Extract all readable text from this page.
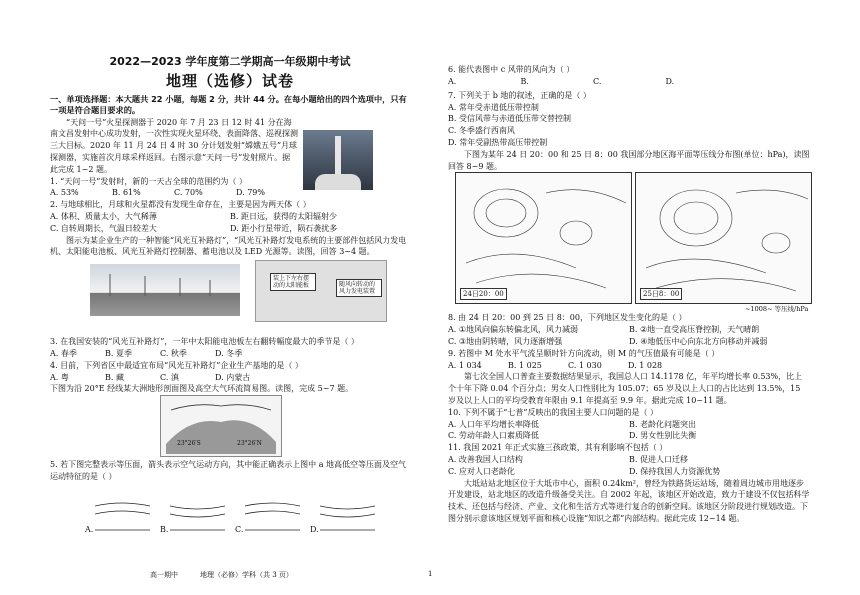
2022—2023 学年度第二学期高一年级期中考试

地理（选修）试卷

一、单项选择题：本大题共 22 小题，每题 2 分，共计 44 分。在每小题给出的四个选项中，只有一项是符合题目要求的。

“天问一号”火星探测器于 2020 年 7 月 23 日 12 时 41 分在海南文昌发射中心成功发射，一次性实现火星环绕、表面降落、巡视探测三大目标。2020 年 11 月 24 日 4 时 30 分计划发射“嫦娥五号”月球探测器，实施首次月球采样返回。右图示意“天问一号”发射照片。据此完成 1~2 题。

1. “天问一号”发射时，新的一天占全球的范围约为（ ）

A. 53%	B. 61%	C. 70%	D. 79%

2. 与地球相比，月球和火星都没有发现生命存在，主要是因为两天体（ ）

A. 体积、质量太小，大气稀薄	B. 距日远，获得的太阳辐射少
C. 自转周期长，气温日较差大	D. 距小行星带近，陨石袭扰多

图示为某企业生产的一种智能“风光互补路灯”，“风光互补路灯发电系统的主要部件包括风力发电机、太阳能电池板、风光互补路灯控制器、蓄电池以及 LED 光源等。读图，回答 3~4 题。

3. 在我国安装的“风光互补路灯”，一年中太阳能电池板左右翻转幅度最大的季节是（ ）

A. 春季	B. 夏季	C. 秋季	D. 冬季

4. 目前，下列省区中最适宜布局“风光互补路灯”企业生产基地的是（ ）

A. 粤	B. 藏	C. 滇	D. 内蒙古

下图为沿 20°E 经线某大洲地形剖面图及高空大气环流简易图。读图，完成 5~7 题。

5. 若下图完整表示等压面，箭头表示空气运动方向，其中能正确表示上图中 a 地高低空等压面及空气运动特征的是（ ）

装上下左右摆动的太阳能板	随风向转动的风力发电装置
23°26′S	23°26′N
A.	B.	C.	D.

6. 能代表图中 c 风带的风向为（ ）

A.	B.	C.	D.

7. 下列关于 b 地的叙述，正确的是（ ）

A. 常年受赤道低压带控制

B. 受信风带与赤道低压带交替控制

C. 冬季盛行西南风

D. 常年受副热带高压带控制

下图为某年 24 日 20：00 和 25 日 8：00 我国部分地区海平面等压线分布图(单位：hPa)，读图回答 8~9 题。

8. 由 24 日 20：00 到 25 日 8：00，下列地区发生变化的是（ ）

A. ①地风向偏东转偏北风，风力减弱	B. ②地一直受高压脊控制，天气晴朗
C. ③地由阴转晴，风力逐渐增强	D. ④地低压中心向东北方向移动并减弱

9. 若图中 M 处水平气流呈顺时针方向流动，则 M 的气压值最有可能是（ ）

A. 1 034	B. 1 025	C. 1 030	D. 1 028

第七次全国人口普查主要数据结果显示，我国总人口 14.1178 亿，年平均增长率 0.53%，比上个十年下降 0.04 个百分点；男女人口性别比为 105.07；65 岁及以上人口的占比达到 13.5%，15 岁及以上人口的平均受教育年限由 9.1 年提高至 9.9 年。据此完成 10~11 题。

10. 下列不属于“七普”反映出的我国主要人口问题的是（ ）

A. 人口年平均增长率降低	B. 老龄化问题突出
C. 劳动年龄人口素质降低	D. 男女性别比失衡

11. 我国 2021 年正式实施三孩政策，其有利影响不包括（ ）

A. 改善我国人口结构	B. 促进人口迁移
C. 应对人口老龄化	D. 保持我国人力资源优势

大坻站站北地区位于大坻市中心，面积 0.24km²，曾经为铁路货运站场，随着周边城市用地逐步开发建设，站北地区的改造升级备受关注。自 2002 年起，该地区开始改造，致力于建设不仅包括科学技术、还包括与经济、产业、文化和生活方式等进行复合的创新空间。该地区分阶段进行规划改造。下图分别示意该地区规划平面和核心设施“知识之都”内部结构。据此完成 12~14 题。

24日20：00	25日8：00
~1008~ 等压线/hPa
高一期中	地理（必修）学科（共 3 页）	1
